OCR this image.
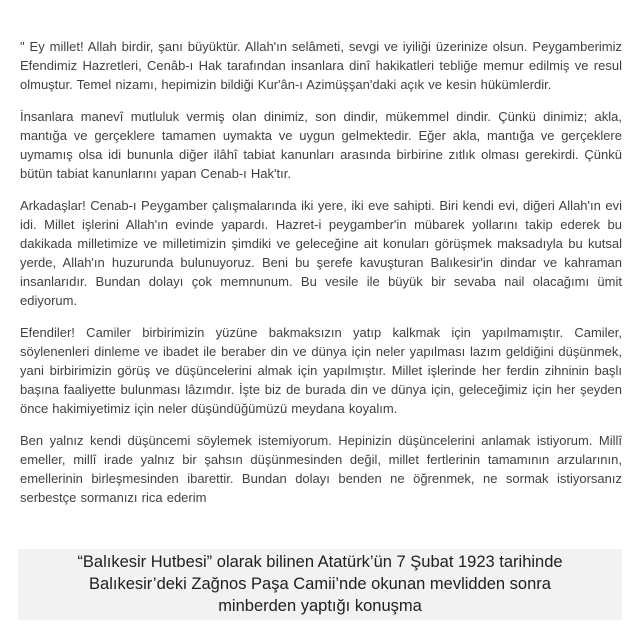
" Ey millet! Allah birdir, şanı büyüktür. Allah'ın selâmeti, sevgi ve iyiliği üzerinize olsun. Peygamberimiz Efendimiz Hazretleri, Cenâb-ı Hak tarafından insanlara dinî hakikatleri tebliğe memur edilmiş ve resul olmuştur. Temel nizamı, hepimizin bildiği Kur'ân-ı Azimüşşan'daki açık ve kesin hükümlerdir.

İnsanlara manevî mutluluk vermiş olan dinimiz, son dindir, mükemmel dindir. Çünkü dinimiz; akla, mantığa ve gerçeklere tamamen uymakta ve uygun gelmektedir. Eğer akla, mantığa ve gerçeklere uymamış olsa idi bununla diğer ilâhî tabiat kanunları arasında birbirine zıtlık olması gerekirdi. Çünkü bütün tabiat kanunlarını yapan Cenab-ı Hak'tır.

Arkadaşlar! Cenab-ı Peygamber çalışmalarında iki yere, iki eve sahipti. Biri kendi evi, diğeri Allah'ın evi idi. Millet işlerini Allah'ın evinde yapardı. Hazret-i peygamber'in mübarek yollarını takip ederek bu dakikada milletimize ve milletimizin şimdiki ve geleceğine ait konuları görüşmek maksadıyla bu kutsal yerde, Allah'ın huzurunda bulunuyoruz. Beni bu şerefe kavuşturan Balıkesir'in dindar ve kahraman insanlarıdır. Bundan dolayı çok memnunum. Bu vesile ile büyük bir sevaba nail olacağımı ümit ediyorum.

Efendiler! Camiler birbirimizin yüzüne bakmaksızın yatıp kalkmak için yapılmamıştır. Camiler, söylenenleri dinleme ve ibadet ile beraber din ve dünya için neler yapılması lazım geldiğini düşünmek, yani birbirimizin görüş ve düşüncelerini almak için yapılmıştır. Millet işlerinde her ferdin zihninin başlı başına faaliyette bulunması lâzımdır. İşte biz de burada din ve dünya için, geleceğimiz için her şeyden önce hakimiyetimiz için neler düşündüğümüzü meydana koyalım.

Ben yalnız kendi düşüncemi söylemek istemiyorum. Hepinizin düşüncelerini anlamak istiyorum. Millî emeller, millî irade yalnız bir şahsın düşünmesinden değil, millet fertlerinin tamamının arzularının, emellerinin birleşmesinden ibarettir. Bundan dolayı benden ne öğrenmek, ne sormak istiyorsanız serbestçe sormanızı rica ederim

“Balıkesir Hutbesi” olarak bilinen Atatürk’ün 7 Şubat 1923 tarihinde
Balıkesir’deki Zağnos Paşa Camii’nde okunan mevlidden sonra
minberden yaptığı konuşma
